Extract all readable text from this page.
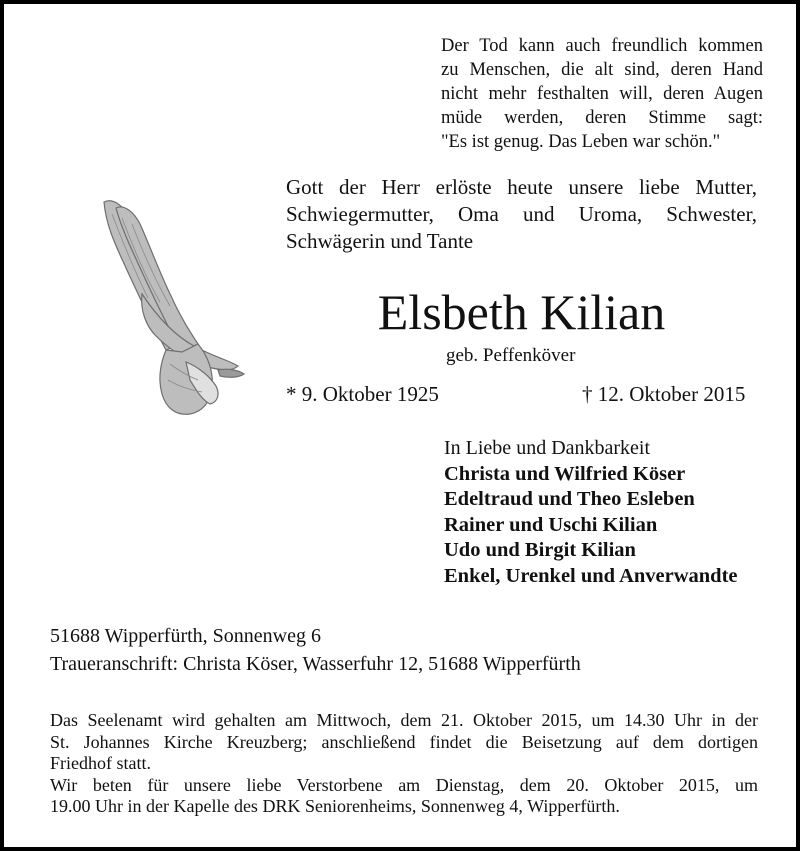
Der Tod kann auch freundlich kommen
zu Menschen, die alt sind, deren Hand
nicht mehr festhalten will, deren Augen
müde werden, deren Stimme sagt:
"Es ist genug. Das Leben war schön."
Gott der Herr erlöste heute unsere liebe Mutter,
Schwiegermutter, Oma und Uroma, Schwester,
Schwägerin und Tante
Elsbeth Kilian
geb. Peffenköver
* 9. Oktober 1925	† 12. Oktober 2015
In Liebe und Dankbarkeit
Christa und Wilfried Köser
Edeltraud und Theo Esleben
Rainer und Uschi Kilian
Udo und Birgit Kilian
Enkel, Urenkel und Anverwandte
51688 Wipperfürth, Sonnenweg 6
Traueranschrift: Christa Köser, Wasserfuhr 12, 51688 Wipperfürth
Das Seelenamt wird gehalten am Mittwoch, dem 21. Oktober 2015, um 14.30 Uhr in der
St. Johannes Kirche Kreuzberg; anschließend findet die Beisetzung auf dem dortigen
Friedhof statt.
Wir beten für unsere liebe Verstorbene am Dienstag, dem 20. Oktober 2015, um
19.00 Uhr in der Kapelle des DRK Seniorenheims, Sonnenweg 4, Wipperfürth.
